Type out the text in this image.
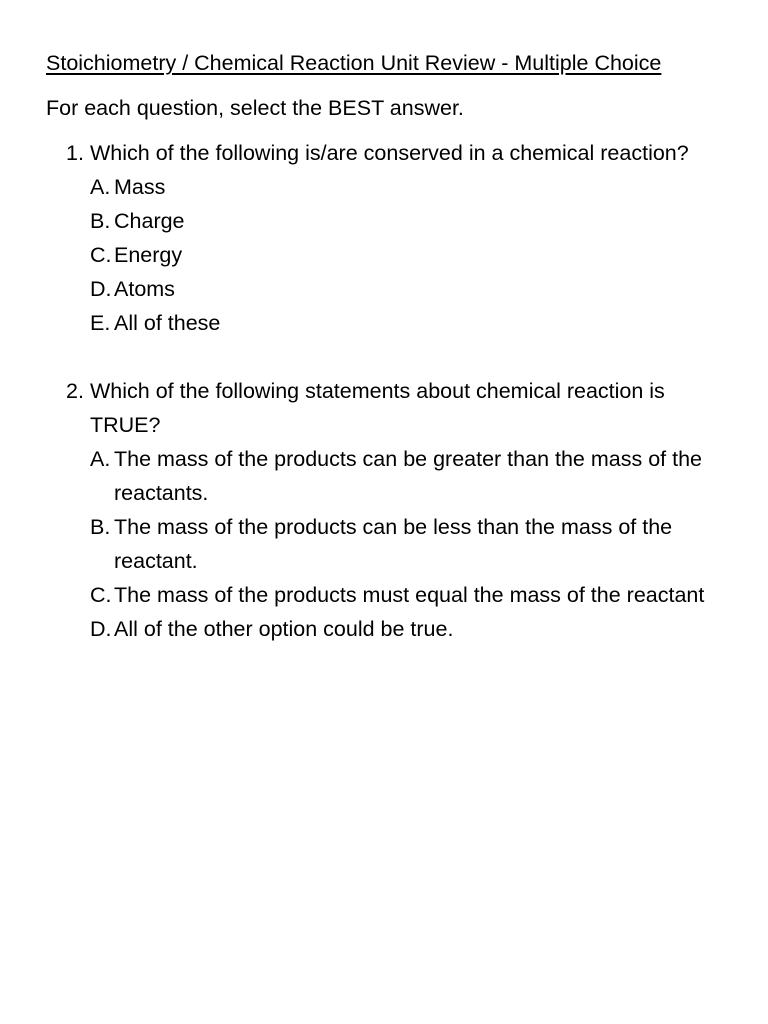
Stoichiometry / Chemical Reaction Unit Review - Multiple Choice

For each question, select the BEST answer.

1. Which of the following is/are conserved in a chemical reaction?
A. Mass
B. Charge
C. Energy
D. Atoms
E. All of these
2. Which of the following statements about chemical reaction is TRUE?
A. The mass of the products can be greater than the mass of the reactants.
B. The mass of the products can be less than the mass of the reactant.
C. The mass of the products must equal the mass of the reactant
D. All of the other option could be true.
